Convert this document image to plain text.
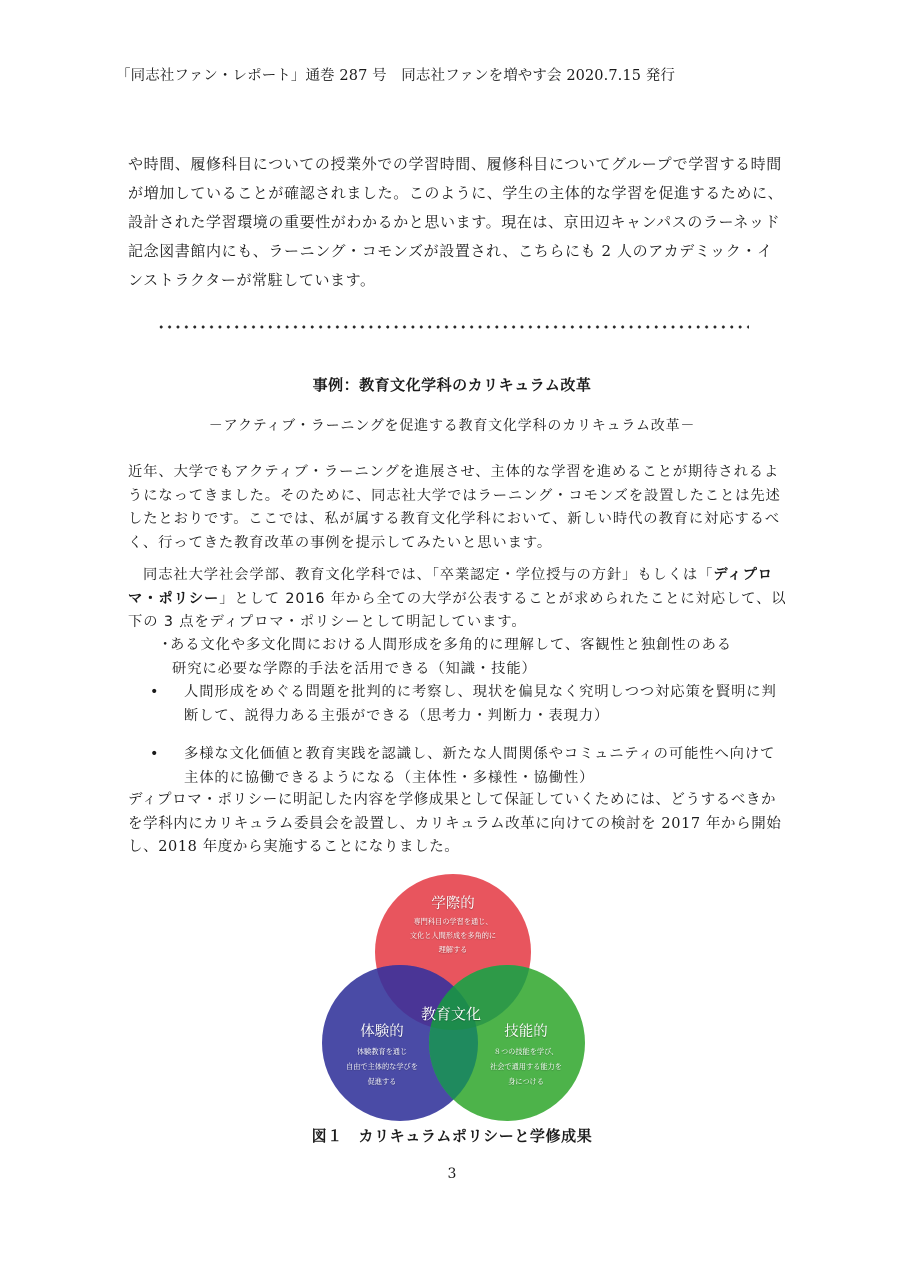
「同志社ファン・レポート」通巻 287 号　同志社ファンを増やす会 2020.7.15 発行

や時間、履修科目についての授業外での学習時間、履修科目についてグループで学習する時間が増加していることが確認されました。このように、学生の主体的な学習を促進するために、設計された学習環境の重要性がわかるかと思います。現在は、京田辺キャンパスのラーネッド記念図書館内にも、ラーニング・コモンズが設置され、こちらにも 2 人のアカデミック・インストラクターが常駐しています。

事例：教育文化学科のカリキュラム改革
－アクティブ・ラーニングを促進する教育文化学科のカリキュラム改革－

近年、大学でもアクティブ・ラーニングを進展させ、主体的な学習を進めることが期待されるようになってきました。そのために、同志社大学ではラーニング・コモンズを設置したことは先述したとおりです。ここでは、私が属する教育文化学科において、新しい時代の教育に対応するべく、行ってきた教育改革の事例を提示してみたいと思います。

同志社大学社会学部、教育文化学科では、「卒業認定・学位授与の方針」もしくは「ディプロマ・ポリシー」として 2016 年から全ての大学が公表することが求められたことに対応して、以下の 3 点をディプロマ・ポリシーとして明記しています。

・
ある文化や多文化間における人間形成を多角的に理解して、客観性と独創性のある
研究に必要な学際的手法を活用できる（知識・技能）
• 人間形成をめぐる問題を批判的に考察し、現状を偏見なく究明しつつ対応策を賢明に判断して、説得力ある主張ができる（思考力・判断力・表現力）
• 多様な文化価値と教育実践を認識し、新たな人間関係やコミュニティの可能性へ向けて主体的に協働できるようになる（主体性・多様性・協働性）

ディプロマ・ポリシーに明記した内容を学修成果として保証していくためには、どうするべきかを学科内にカリキュラム委員会を設置し、カリキュラム改革に向けての検討を 2017 年から開始し、2018 年度から実施することになりました。

学際的
専門科目の学習を通じ、
文化と人間形成を多角的に
理解する
教育文化
体験的
体験教育を通じ
自由で主体的な学びを
促進する
技能的
８つの技能を学び、
社会で通用する能力を
身につける
図１　カリキュラムポリシーと学修成果
3
